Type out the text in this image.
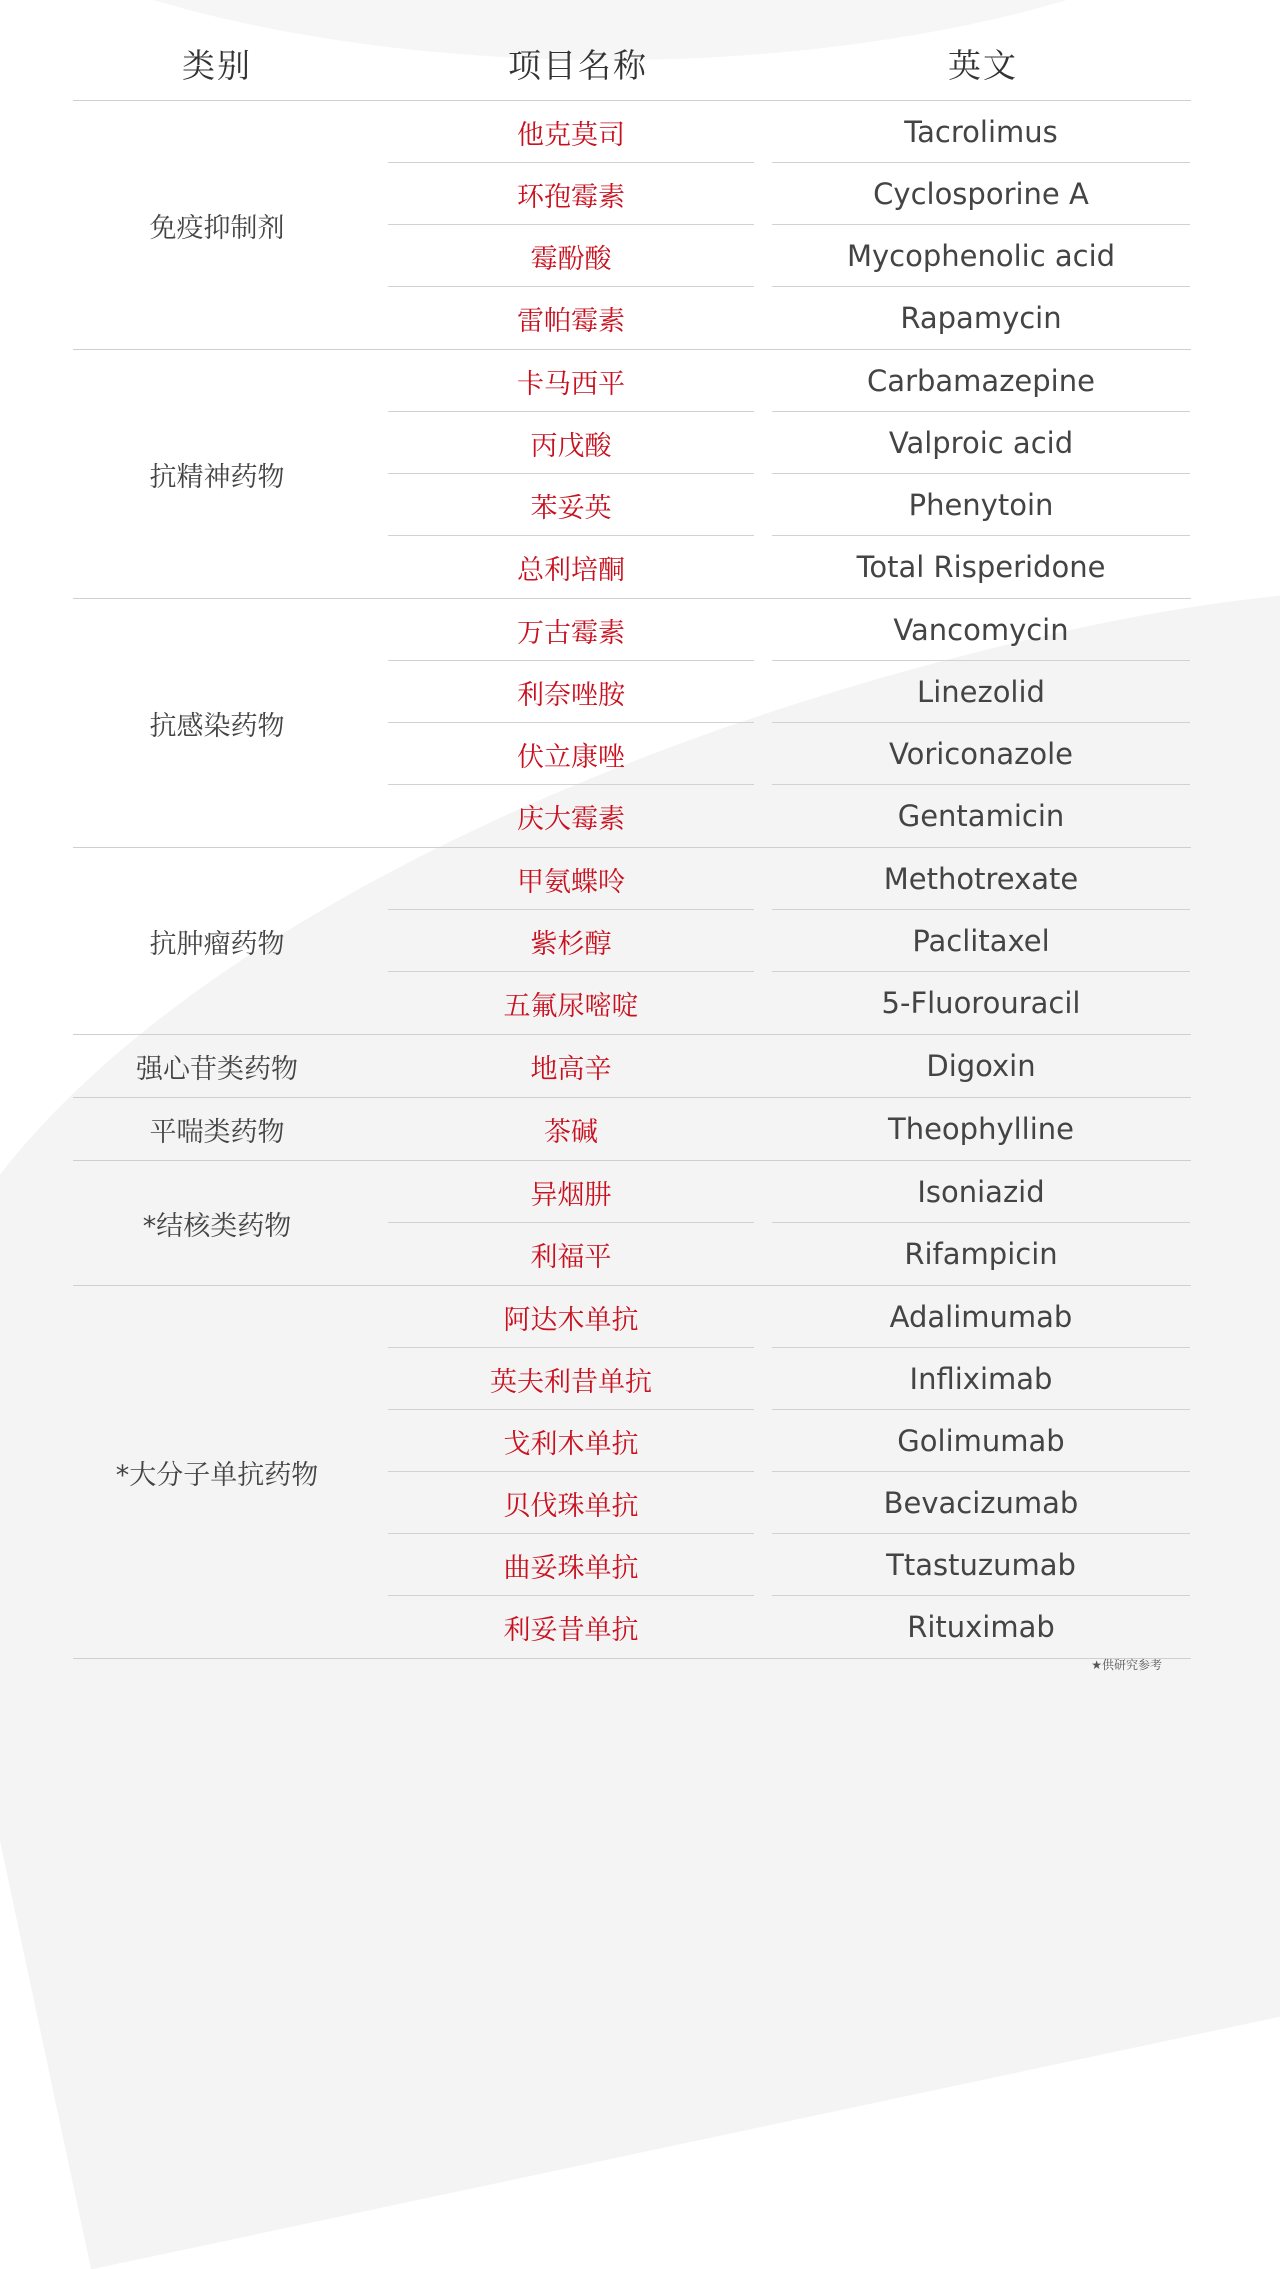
类别	项目名称	英文
免疫抑制剂
他克莫司	Tacrolimus
环孢霉素	Cyclosporine A
霉酚酸	Mycophenolic acid
雷帕霉素	Rapamycin
抗精神药物
卡马西平	Carbamazepine
丙戊酸	Valproic acid
苯妥英	Phenytoin
总利培酮	Total Risperidone
抗感染药物
万古霉素	Vancomycin
利奈唑胺	Linezolid
伏立康唑	Voriconazole
庆大霉素	Gentamicin
抗肿瘤药物
甲氨蝶呤	Methotrexate
紫杉醇	Paclitaxel
五氟尿嘧啶	5-Fluorouracil
强心苷类药物	地高辛	Digoxin
平喘类药物	茶碱	Theophylline
*结核类药物
异烟肼	Isoniazid
利福平	Rifampicin
*大分子单抗药物
阿达木单抗	Adalimumab
英夫利昔单抗	Infliximab
戈利木单抗	Golimumab
贝伐珠单抗	Bevacizumab
曲妥珠单抗	Ttastuzumab
利妥昔单抗	Rituximab
★供研究参考
